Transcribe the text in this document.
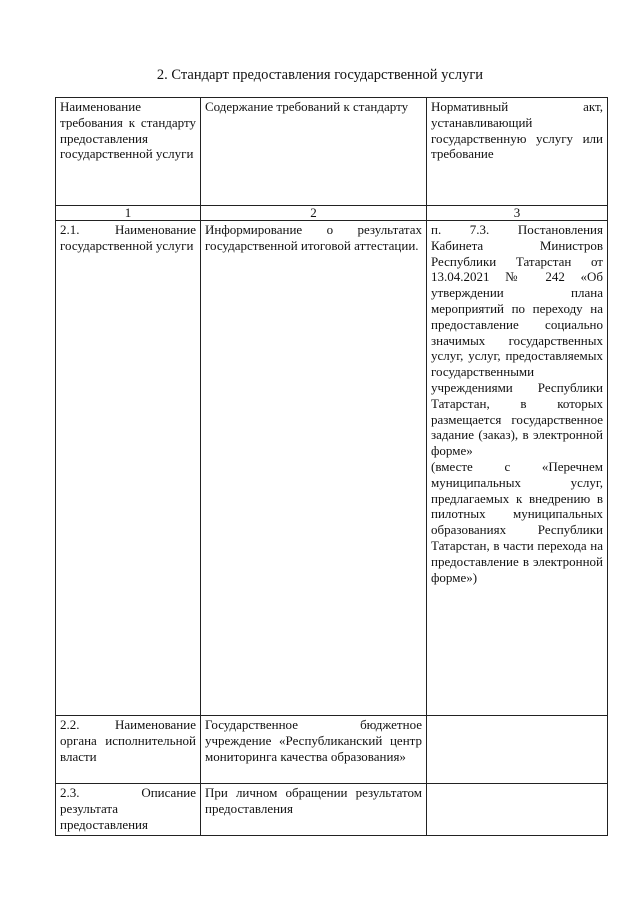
2. Стандарт предоставления государственной услуги
Наименование требования к стандарту предоставления государственной услуги	Содержание требований к стандарту	Нормативный акт, устанавливающий государственную услугу или требование

1	2	3

2.1. Наименование государственной услуги	Информирование о результатах государственной итоговой аттестации.	п. 7.3. Постановления Кабинета Министров Республики Татарстан от 13.04.2021 № 242 «Об утверждении плана мероприятий по переходу на предоставление социально значимых государственных услуг, услуг, предоставляемых государственными учреждениями Республики Татарстан, в которых размещается государственное задание (заказ), в электронной форме»
(вместе с «Перечнем муниципальных услуг, предлагаемых к внедрению в пилотных муниципальных образованиях Республики Татарстан, в части перехода на предоставление в электронной форме»)

2.2. Наименование органа исполнительной власти	Государственное бюджетное учреждение «Республиканский центр мониторинга качества образования»	

2.3. Описание результата предоставления	При личном обращении результатом предоставления	
